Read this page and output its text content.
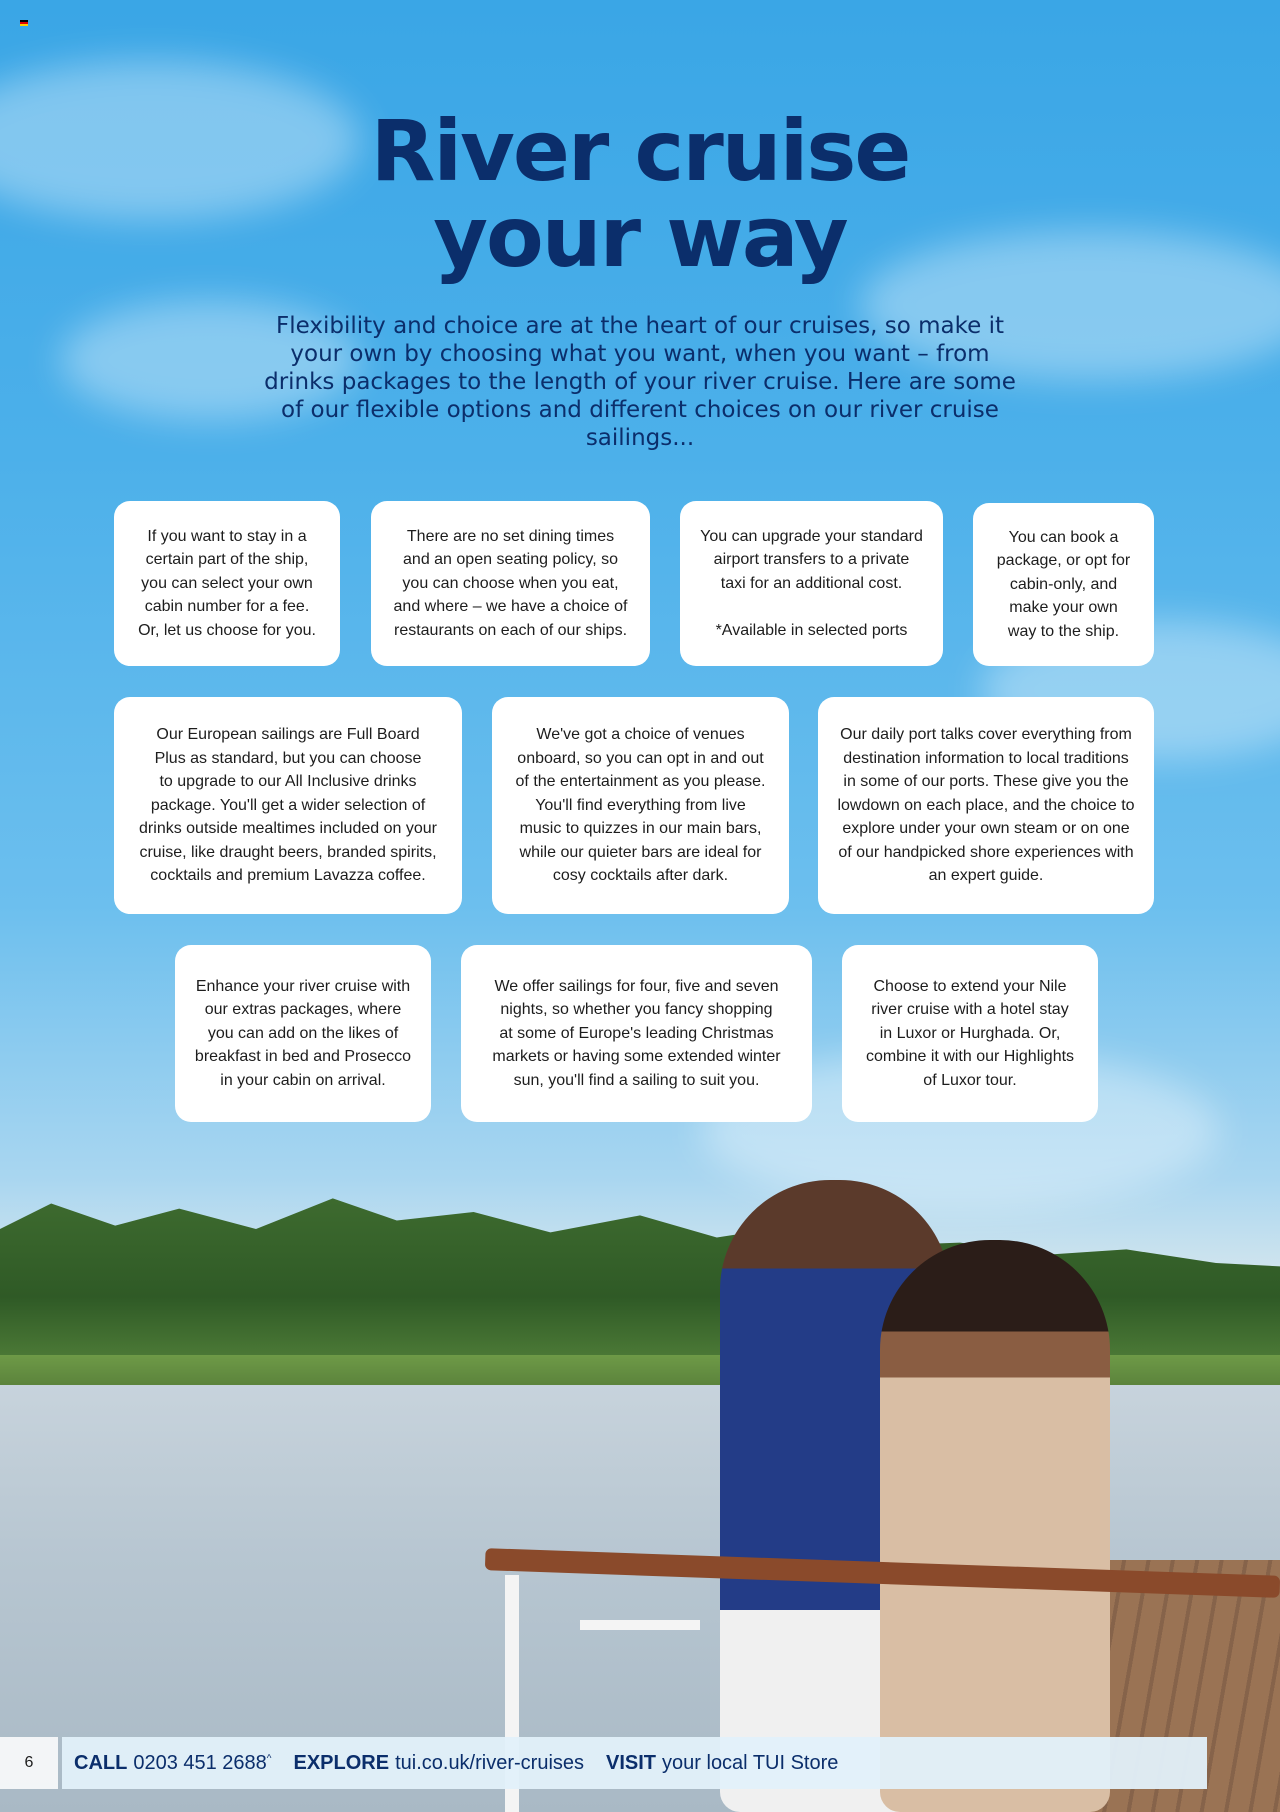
River cruise
your way

Flexibility and choice are at the heart of our cruises, so make it your own by choosing what you want, when you want – from drinks packages to the length of your river cruise. Here are some of our flexible options and different choices on our river cruise sailings...

If you want to stay in a
certain part of the ship,
you can select your own
cabin number for a fee.
Or, let us choose for you.
There are no set dining times
and an open seating policy, so
you can choose when you eat,
and where – we have a choice of
restaurants on each of our ships.
You can upgrade your standard
airport transfers to a private
taxi for an additional cost.

*Available in selected ports
You can book a
package, or opt for
cabin-only, and
make your own
way to the ship.
Our European sailings are Full Board
Plus as standard, but you can choose
to upgrade to our All Inclusive drinks
package. You'll get a wider selection of
drinks outside mealtimes included on your
cruise, like draught beers, branded spirits,
cocktails and premium Lavazza coffee.
We've got a choice of venues
onboard, so you can opt in and out
of the entertainment as you please.
You'll find everything from live
music to quizzes in our main bars,
while our quieter bars are ideal for
cosy cocktails after dark.
Our daily port talks cover everything from
destination information to local traditions
in some of our ports. These give you the
lowdown on each place, and the choice to
explore under your own steam or on one
of our handpicked shore experiences with
an expert guide.
Enhance your river cruise with
our extras packages, where
you can add on the likes of
breakfast in bed and Prosecco
in your cabin on arrival.
We offer sailings for four, five and seven
nights, so whether you fancy shopping
at some of Europe's leading Christmas
markets or having some extended winter
sun, you'll find a sailing to suit you.
Choose to extend your Nile
river cruise with a hotel stay
in Luxor or Hurghada. Or,
combine it with our Highlights
of Luxor tour.
6	CALL 0203 451 2688^ EXPLORE tui.co.uk/river-cruises VISIT your local TUI Store
